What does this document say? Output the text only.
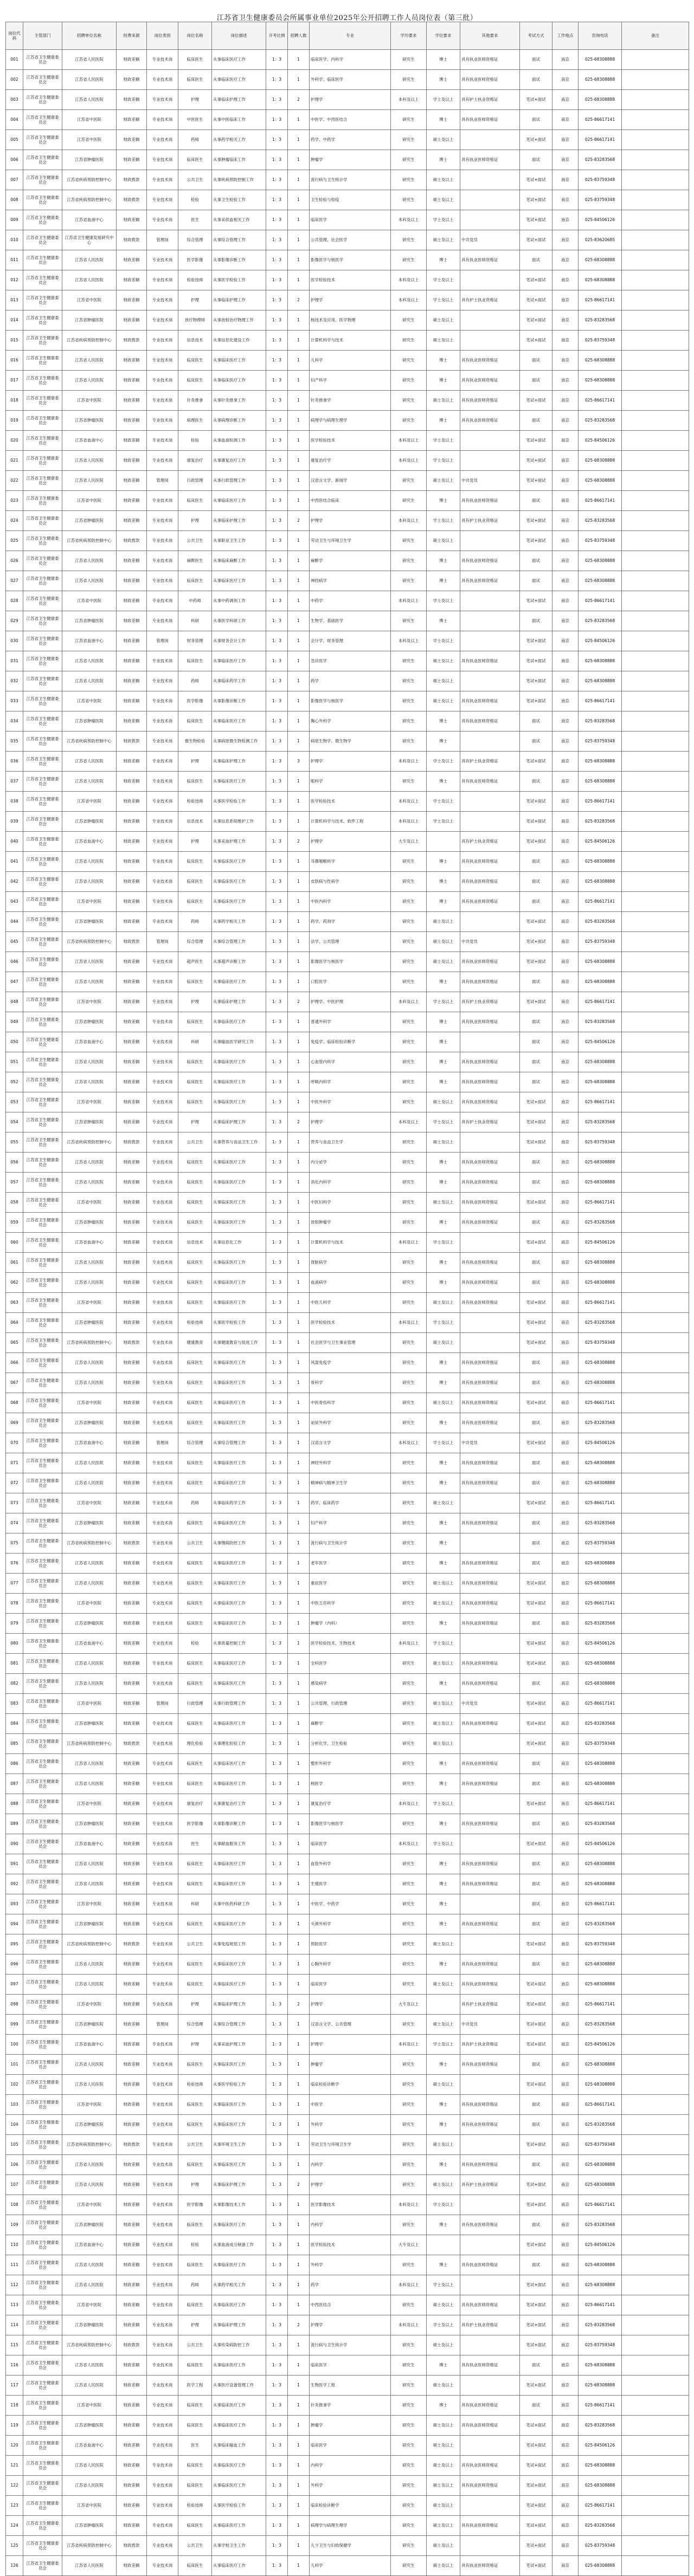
江苏省卫生健康委员会所属事业单位2025年公开招聘工作人员岗位表（第三批）
岗位代码	主管部门	招聘单位名称	经费来源	岗位类别	岗位名称	岗位描述	开考比例	招聘人数	专业	学历要求	学位要求	其他要求	考试方式	工作地点	咨询电话	备注
001	江苏省卫生健康委员会	江苏省人民医院	财政差额	专业技术岗	临床医生	从事临床医疗工作	1：3	1	临床医学、内科学	研究生	博士	具有执业医师资格证	面试	南京	025-68308888	
002	江苏省卫生健康委员会	江苏省人民医院	财政差额	专业技术岗	临床医生	从事临床医疗工作	1：3	1	外科学、临床医学	研究生	博士	具有执业医师资格证	面试	南京	025-68308888	
003	江苏省卫生健康委员会	江苏省人民医院	财政差额	专业技术岗	护理	从事临床护理工作	1：3	2	护理学	本科及以上	学士及以上	具有护士执业资格证	笔试+面试	南京	025-68308888	
004	江苏省卫生健康委员会	江苏省中医院	财政差额	专业技术岗	中医医生	从事中医临床工作	1：3	1	中医学、中西医结合	研究生	博士	具有执业医师资格证	面试	南京	025-86617141	
005	江苏省卫生健康委员会	江苏省中医院	财政差额	专业技术岗	药师	从事药学相关工作	1：3	1	药学、中药学	研究生	硕士及以上		笔试+面试	南京	025-86617141	
006	江苏省卫生健康委员会	江苏省肿瘤医院	财政差额	专业技术岗	临床医生	从事肿瘤临床工作	1：3	1	肿瘤学	研究生	博士	具有执业医师资格证	面试	南京	025-83283568	
007	江苏省卫生健康委员会	江苏省疾病预防控制中心	财政拨款	专业技术岗	公共卫生	从事疾病预防控制工作	1：3	1	流行病与卫生统计学	研究生	硕士及以上		笔试+面试	南京	025-83759348	
008	江苏省卫生健康委员会	江苏省疾病预防控制中心	财政拨款	专业技术岗	检验	从事卫生检验工作	1：3	1	卫生检验与检疫	研究生	硕士及以上		笔试+面试	南京	025-83759348	
009	江苏省卫生健康委员会	江苏省血液中心	财政差额	专业技术岗	医生	从事采供血相关工作	1：3	1	临床医学	本科及以上	学士及以上		笔试+面试	南京	025-84506126	
010	江苏省卫生健康委员会	江苏省卫生健康发展研究中心	财政拨款	管理岗	综合管理	从事综合管理工作	1：3	1	公共管理、社会医学	研究生	硕士及以上	中共党员	笔试+面试	南京	025-83620685	
011	江苏省卫生健康委员会	江苏省人民医院	财政差额	专业技术岗	医学影像	从事影像诊断工作	1：3	1	影像医学与核医学	研究生	博士	具有执业医师资格证	面试	南京	025-68308888	
012	江苏省卫生健康委员会	江苏省人民医院	财政差额	专业技术岗	检验技师	从事医学检验工作	1：3	1	医学检验技术	本科及以上	学士及以上		笔试+面试	南京	025-68308888	
013	江苏省卫生健康委员会	江苏省中医院	财政差额	专业技术岗	护理	从事临床护理工作	1：3	2	护理学	本科及以上	学士及以上	具有护士执业资格证	笔试+面试	南京	025-86617141	
014	江苏省卫生健康委员会	江苏省肿瘤医院	财政差额	专业技术岗	放疗物理师	从事放射治疗物理工作	1：3	1	核技术及应用、医学物理	研究生	硕士及以上		笔试+面试	南京	025-83283568	
015	江苏省卫生健康委员会	江苏省疾病预防控制中心	财政拨款	专业技术岗	信息技术	从事信息化建设工作	1：3	1	计算机科学与技术	研究生	硕士及以上		笔试+面试	南京	025-83759348	
016	江苏省卫生健康委员会	江苏省人民医院	财政差额	专业技术岗	临床医生	从事临床医疗工作	1：3	1	儿科学	研究生	博士	具有执业医师资格证	面试	南京	025-68308888	
017	江苏省卫生健康委员会	江苏省人民医院	财政差额	专业技术岗	临床医生	从事临床医疗工作	1：3	1	妇产科学	研究生	博士	具有执业医师资格证	面试	南京	025-68308888	
018	江苏省卫生健康委员会	江苏省中医院	财政差额	专业技术岗	针灸推拿	从事针灸推拿工作	1：3	1	针灸推拿学	研究生	硕士及以上	具有执业医师资格证	笔试+面试	南京	025-86617141	
019	江苏省卫生健康委员会	江苏省肿瘤医院	财政差额	专业技术岗	病理医生	从事病理诊断工作	1：3	1	病理学与病理生理学	研究生	博士	具有执业医师资格证	面试	南京	025-83283568	
020	江苏省卫生健康委员会	江苏省血液中心	财政差额	专业技术岗	检验	从事血液检测工作	1：3	1	医学检验技术	本科及以上	学士及以上		笔试+面试	南京	025-84506126	
021	江苏省卫生健康委员会	江苏省人民医院	财政差额	专业技术岗	康复治疗	从事康复治疗工作	1：3	1	康复治疗学	本科及以上	学士及以上		笔试+面试	南京	025-68308888	
022	江苏省卫生健康委员会	江苏省人民医院	财政差额	管理岗	行政管理	从事行政管理工作	1：3	1	汉语言文学、新闻学	研究生	硕士及以上	中共党员	笔试+面试	南京	025-68308888	
023	江苏省卫生健康委员会	江苏省中医院	财政差额	专业技术岗	临床医生	从事临床医疗工作	1：3	1	中西医结合临床	研究生	博士	具有执业医师资格证	面试	南京	025-86617141	
024	江苏省卫生健康委员会	江苏省肿瘤医院	财政差额	专业技术岗	护理	从事临床护理工作	1：3	2	护理学	本科及以上	学士及以上	具有护士执业资格证	笔试+面试	南京	025-83283568	
025	江苏省卫生健康委员会	江苏省疾病预防控制中心	财政拨款	专业技术岗	公共卫生	从事职业卫生工作	1：3	1	劳动卫生与环境卫生学	研究生	硕士及以上		笔试+面试	南京	025-83759348	
026	江苏省卫生健康委员会	江苏省人民医院	财政差额	专业技术岗	麻醉医生	从事临床麻醉工作	1：3	1	麻醉学	研究生	博士	具有执业医师资格证	面试	南京	025-68308888	
027	江苏省卫生健康委员会	江苏省人民医院	财政差额	专业技术岗	临床医生	从事临床医疗工作	1：3	1	神经病学	研究生	博士	具有执业医师资格证	面试	南京	025-68308888	
028	江苏省卫生健康委员会	江苏省中医院	财政差额	专业技术岗	中药师	从事中药调剂工作	1：3	1	中药学	本科及以上	学士及以上		笔试+面试	南京	025-86617141	
029	江苏省卫生健康委员会	江苏省肿瘤医院	财政差额	专业技术岗	科研	从事医学科研工作	1：3	1	生物学、基础医学	研究生	博士		面试	南京	025-83283568	
030	江苏省卫生健康委员会	江苏省血液中心	财政差额	管理岗	财务管理	从事财务会计工作	1：3	1	会计学、财务管理	本科及以上	学士及以上		笔试+面试	南京	025-84506126	
031	江苏省卫生健康委员会	江苏省人民医院	财政差额	专业技术岗	临床医生	从事临床医疗工作	1：3	1	急诊医学	研究生	硕士及以上	具有执业医师资格证	笔试+面试	南京	025-68308888	
032	江苏省卫生健康委员会	江苏省人民医院	财政差额	专业技术岗	药师	从事临床药学工作	1：3	1	药学	研究生	硕士及以上		笔试+面试	南京	025-68308888	
033	江苏省卫生健康委员会	江苏省中医院	财政差额	专业技术岗	医学影像	从事影像诊断工作	1：3	1	影像医学与核医学	研究生	硕士及以上	具有执业医师资格证	笔试+面试	南京	025-86617141	
034	江苏省卫生健康委员会	江苏省肿瘤医院	财政差额	专业技术岗	临床医生	从事临床医疗工作	1：3	1	胸心外科学	研究生	博士	具有执业医师资格证	面试	南京	025-83283568	
035	江苏省卫生健康委员会	江苏省疾病预防控制中心	财政拨款	专业技术岗	微生物检验	从事病原微生物检测工作	1：3	1	病原生物学、微生物学	研究生	博士		面试	南京	025-83759348	
036	江苏省卫生健康委员会	江苏省人民医院	财政差额	专业技术岗	护理	从事临床护理工作	1：3	3	护理学	本科及以上	学士及以上	具有护士执业资格证	笔试+面试	南京	025-68308888	
037	江苏省卫生健康委员会	江苏省人民医院	财政差额	专业技术岗	临床医生	从事临床医疗工作	1：3	1	眼科学	研究生	博士	具有执业医师资格证	面试	南京	025-68308888	
038	江苏省卫生健康委员会	江苏省中医院	财政差额	专业技术岗	检验技师	从事医学检验工作	1：3	1	医学检验技术	本科及以上	学士及以上		笔试+面试	南京	025-86617141	
039	江苏省卫生健康委员会	江苏省肿瘤医院	财政差额	专业技术岗	信息技术	从事信息系统维护工作	1：3	1	计算机科学与技术、软件工程	本科及以上	学士及以上		笔试+面试	南京	025-83283568	
040	江苏省卫生健康委员会	江苏省血液中心	财政差额	专业技术岗	护理	从事采血护理工作	1：3	2	护理学	大专及以上		具有护士执业资格证	笔试+面试	南京	025-84506126	
041	江苏省卫生健康委员会	江苏省人民医院	财政差额	专业技术岗	临床医生	从事临床医疗工作	1：3	1	耳鼻咽喉科学	研究生	博士	具有执业医师资格证	面试	南京	025-68308888	
042	江苏省卫生健康委员会	江苏省人民医院	财政差额	专业技术岗	临床医生	从事临床医疗工作	1：3	1	皮肤病与性病学	研究生	博士	具有执业医师资格证	面试	南京	025-68308888	
043	江苏省卫生健康委员会	江苏省中医院	财政差额	专业技术岗	临床医生	从事临床医疗工作	1：3	1	中医内科学	研究生	博士	具有执业医师资格证	面试	南京	025-86617141	
044	江苏省卫生健康委员会	江苏省肿瘤医院	财政差额	专业技术岗	药师	从事药学相关工作	1：3	1	药学、药剂学	研究生	硕士及以上		笔试+面试	南京	025-83283568	
045	江苏省卫生健康委员会	江苏省疾病预防控制中心	财政拨款	管理岗	综合管理	从事综合管理工作	1：3	1	法学、公共管理	研究生	硕士及以上	中共党员	笔试+面试	南京	025-83759348	
046	江苏省卫生健康委员会	江苏省人民医院	财政差额	专业技术岗	超声医生	从事超声诊断工作	1：3	1	影像医学与核医学	研究生	硕士及以上	具有执业医师资格证	笔试+面试	南京	025-68308888	
047	江苏省卫生健康委员会	江苏省人民医院	财政差额	专业技术岗	临床医生	从事临床医疗工作	1：3	1	口腔医学	研究生	博士	具有执业医师资格证	面试	南京	025-68308888	
048	江苏省卫生健康委员会	江苏省中医院	财政差额	专业技术岗	护理	从事临床护理工作	1：3	2	护理学、中医护理	本科及以上	学士及以上	具有护士执业资格证	笔试+面试	南京	025-86617141	
049	江苏省卫生健康委员会	江苏省肿瘤医院	财政差额	专业技术岗	临床医生	从事临床医疗工作	1：3	1	普通外科学	研究生	博士	具有执业医师资格证	面试	南京	025-83283568	
050	江苏省卫生健康委员会	江苏省血液中心	财政差额	专业技术岗	科研	从事输血医学研究工作	1：3	1	免疫学、临床检验诊断学	研究生	博士		面试	南京	025-84506126	
051	江苏省卫生健康委员会	江苏省人民医院	财政差额	专业技术岗	临床医生	从事临床医疗工作	1：3	1	心血管内科学	研究生	博士	具有执业医师资格证	面试	南京	025-68308888	
052	江苏省卫生健康委员会	江苏省人民医院	财政差额	专业技术岗	临床医生	从事临床医疗工作	1：3	1	呼吸内科学	研究生	博士	具有执业医师资格证	面试	南京	025-68308888	
053	江苏省卫生健康委员会	江苏省中医院	财政差额	专业技术岗	临床医生	从事临床医疗工作	1：3	1	中医外科学	研究生	硕士及以上	具有执业医师资格证	笔试+面试	南京	025-86617141	
054	江苏省卫生健康委员会	江苏省肿瘤医院	财政差额	专业技术岗	护理	从事临床护理工作	1：3	2	护理学	本科及以上	学士及以上	具有护士执业资格证	笔试+面试	南京	025-83283568	
055	江苏省卫生健康委员会	江苏省疾病预防控制中心	财政拨款	专业技术岗	公共卫生	从事营养与食品卫生工作	1：3	1	营养与食品卫生学	研究生	硕士及以上		笔试+面试	南京	025-83759348	
056	江苏省卫生健康委员会	江苏省人民医院	财政差额	专业技术岗	临床医生	从事临床医疗工作	1：3	1	内分泌学	研究生	博士	具有执业医师资格证	面试	南京	025-68308888	
057	江苏省卫生健康委员会	江苏省人民医院	财政差额	专业技术岗	临床医生	从事临床医疗工作	1：3	1	消化内科学	研究生	博士	具有执业医师资格证	面试	南京	025-68308888	
058	江苏省卫生健康委员会	江苏省中医院	财政差额	专业技术岗	临床医生	从事临床医疗工作	1：3	1	中医妇科学	研究生	硕士及以上	具有执业医师资格证	笔试+面试	南京	025-86617141	
059	江苏省卫生健康委员会	江苏省肿瘤医院	财政差额	专业技术岗	临床医生	从事临床医疗工作	1：3	1	放射肿瘤学	研究生	博士	具有执业医师资格证	面试	南京	025-83283568	
060	江苏省卫生健康委员会	江苏省血液中心	财政差额	专业技术岗	信息技术	从事信息化工作	1：3	1	计算机科学与技术	本科及以上	学士及以上		笔试+面试	南京	025-84506126	
061	江苏省卫生健康委员会	江苏省人民医院	财政差额	专业技术岗	临床医生	从事临床医疗工作	1：3	1	肾脏病学	研究生	博士	具有执业医师资格证	面试	南京	025-68308888	
062	江苏省卫生健康委员会	江苏省人民医院	财政差额	专业技术岗	临床医生	从事临床医疗工作	1：3	1	血液病学	研究生	博士	具有执业医师资格证	面试	南京	025-68308888	
063	江苏省卫生健康委员会	江苏省中医院	财政差额	专业技术岗	临床医生	从事临床医疗工作	1：3	1	中医儿科学	研究生	硕士及以上	具有执业医师资格证	笔试+面试	南京	025-86617141	
064	江苏省卫生健康委员会	江苏省肿瘤医院	财政差额	专业技术岗	检验技师	从事医学检验工作	1：3	1	医学检验技术	本科及以上	学士及以上		笔试+面试	南京	025-83283568	
065	江苏省卫生健康委员会	江苏省疾病预防控制中心	财政拨款	专业技术岗	健康教育	从事健康教育与促进工作	1：3	1	社会医学与卫生事业管理	研究生	硕士及以上		笔试+面试	南京	025-83759348	
066	江苏省卫生健康委员会	江苏省人民医院	财政差额	专业技术岗	临床医生	从事临床医疗工作	1：3	1	风湿免疫学	研究生	博士	具有执业医师资格证	面试	南京	025-68308888	
067	江苏省卫生健康委员会	江苏省人民医院	财政差额	专业技术岗	临床医生	从事临床医疗工作	1：3	1	骨科学	研究生	博士	具有执业医师资格证	面试	南京	025-68308888	
068	江苏省卫生健康委员会	江苏省中医院	财政差额	专业技术岗	临床医生	从事临床医疗工作	1：3	1	中医骨伤科学	研究生	硕士及以上	具有执业医师资格证	笔试+面试	南京	025-86617141	
069	江苏省卫生健康委员会	江苏省肿瘤医院	财政差额	专业技术岗	临床医生	从事临床医疗工作	1：3	1	泌尿外科学	研究生	博士	具有执业医师资格证	面试	南京	025-83283568	
070	江苏省卫生健康委员会	江苏省血液中心	财政差额	管理岗	综合管理	从事综合管理工作	1：3	1	汉语言文学	本科及以上	学士及以上	中共党员	笔试+面试	南京	025-84506126	
071	江苏省卫生健康委员会	江苏省人民医院	财政差额	专业技术岗	临床医生	从事临床医疗工作	1：3	1	神经外科学	研究生	博士	具有执业医师资格证	面试	南京	025-68308888	
072	江苏省卫生健康委员会	江苏省人民医院	财政差额	专业技术岗	临床医生	从事临床医疗工作	1：3	1	精神病与精神卫生学	研究生	博士	具有执业医师资格证	面试	南京	025-68308888	
073	江苏省卫生健康委员会	江苏省中医院	财政差额	专业技术岗	药师	从事临床药学工作	1：3	1	药学、临床药学	研究生	硕士及以上		笔试+面试	南京	025-86617141	
074	江苏省卫生健康委员会	江苏省肿瘤医院	财政差额	专业技术岗	临床医生	从事临床医疗工作	1：3	1	妇产科学	研究生	博士	具有执业医师资格证	面试	南京	025-83283568	
075	江苏省卫生健康委员会	江苏省疾病预防控制中心	财政拨款	专业技术岗	公共卫生	从事慢病防控工作	1：3	1	流行病与卫生统计学	研究生	博士		面试	南京	025-83759348	
076	江苏省卫生健康委员会	江苏省人民医院	财政差额	专业技术岗	临床医生	从事临床医疗工作	1：3	1	老年医学	研究生	博士	具有执业医师资格证	面试	南京	025-68308888	
077	江苏省卫生健康委员会	江苏省人民医院	财政差额	专业技术岗	临床医生	从事临床医疗工作	1：3	1	重症医学	研究生	硕士及以上	具有执业医师资格证	笔试+面试	南京	025-68308888	
078	江苏省卫生健康委员会	江苏省中医院	财政差额	专业技术岗	临床医生	从事临床医疗工作	1：3	1	中医五官科学	研究生	硕士及以上	具有执业医师资格证	笔试+面试	南京	025-86617141	
079	江苏省卫生健康委员会	江苏省肿瘤医院	财政差额	专业技术岗	临床医生	从事临床医疗工作	1：3	1	肿瘤学（内科）	研究生	博士	具有执业医师资格证	面试	南京	025-83283568	
080	江苏省卫生健康委员会	江苏省血液中心	财政差额	专业技术岗	检验	从事质量控制工作	1：3	1	医学检验技术、生物技术	本科及以上	学士及以上		笔试+面试	南京	025-84506126	
081	江苏省卫生健康委员会	江苏省人民医院	财政差额	专业技术岗	临床医生	从事临床医疗工作	1：3	1	全科医学	研究生	硕士及以上	具有执业医师资格证	笔试+面试	南京	025-68308888	
082	江苏省卫生健康委员会	江苏省人民医院	财政差额	专业技术岗	临床医生	从事临床医疗工作	1：3	1	感染病学	研究生	博士	具有执业医师资格证	面试	南京	025-68308888	
083	江苏省卫生健康委员会	江苏省中医院	财政差额	管理岗	行政管理	从事行政管理工作	1：3	1	公共管理、行政管理	研究生	硕士及以上	中共党员	笔试+面试	南京	025-86617141	
084	江苏省卫生健康委员会	江苏省肿瘤医院	财政差额	专业技术岗	临床医生	从事临床医疗工作	1：3	1	麻醉学	研究生	硕士及以上	具有执业医师资格证	笔试+面试	南京	025-83283568	
085	江苏省卫生健康委员会	江苏省疾病预防控制中心	财政拨款	专业技术岗	理化检验	从事理化检验工作	1：3	1	分析化学、卫生检验	研究生	硕士及以上		笔试+面试	南京	025-83759348	
086	江苏省卫生健康委员会	江苏省人民医院	财政差额	专业技术岗	临床医生	从事临床医疗工作	1：3	1	整形外科学	研究生	博士	具有执业医师资格证	面试	南京	025-68308888	
087	江苏省卫生健康委员会	江苏省人民医院	财政差额	专业技术岗	临床医生	从事临床医疗工作	1：3	1	核医学	研究生	博士	具有执业医师资格证	面试	南京	025-68308888	
088	江苏省卫生健康委员会	江苏省中医院	财政差额	专业技术岗	康复治疗	从事康复治疗工作	1：3	1	康复治疗学	本科及以上	学士及以上		笔试+面试	南京	025-86617141	
089	江苏省卫生健康委员会	江苏省肿瘤医院	财政差额	专业技术岗	医学影像	从事影像诊断工作	1：3	1	影像医学与核医学	研究生	博士	具有执业医师资格证	面试	南京	025-83283568	
090	江苏省卫生健康委员会	江苏省血液中心	财政差额	专业技术岗	医生	从事献血服务工作	1：3	1	临床医学	本科及以上	学士及以上		笔试+面试	南京	025-84506126	
091	江苏省卫生健康委员会	江苏省人民医院	财政差额	专业技术岗	临床医生	从事临床医疗工作	1：3	1	血管外科学	研究生	博士	具有执业医师资格证	面试	南京	025-68308888	
092	江苏省卫生健康委员会	江苏省人民医院	财政差额	专业技术岗	临床医生	从事临床医疗工作	1：3	1	生殖医学	研究生	博士	具有执业医师资格证	面试	南京	025-68308888	
093	江苏省卫生健康委员会	江苏省中医院	财政差额	专业技术岗	科研	从事中医药科研工作	1：3	1	中医学、中药学	研究生	博士		面试	南京	025-86617141	
094	江苏省卫生健康委员会	江苏省肿瘤医院	财政差额	专业技术岗	临床医生	从事临床医疗工作	1：3	1	头颈外科学	研究生	博士	具有执业医师资格证	面试	南京	025-83283568	
095	江苏省卫生健康委员会	江苏省疾病预防控制中心	财政拨款	专业技术岗	公共卫生	从事免疫规划工作	1：3	1	预防医学	研究生	硕士及以上		笔试+面试	南京	025-83759348	
096	江苏省卫生健康委员会	江苏省人民医院	财政差额	专业技术岗	临床医生	从事临床医疗工作	1：3	1	心胸外科学	研究生	博士	具有执业医师资格证	面试	南京	025-68308888	
097	江苏省卫生健康委员会	江苏省人民医院	财政差额	专业技术岗	临床医生	从事临床医疗工作	1：3	1	临床医学	研究生	硕士及以上	具有执业医师资格证	笔试+面试	南京	025-68308888	
098	江苏省卫生健康委员会	江苏省中医院	财政差额	专业技术岗	护理	从事临床护理工作	1：3	2	护理学	大专及以上		具有护士执业资格证	笔试+面试	南京	025-86617141	
099	江苏省卫生健康委员会	江苏省肿瘤医院	财政差额	管理岗	综合管理	从事综合管理工作	1：3	1	汉语言文学、公共管理	研究生	硕士及以上	中共党员	笔试+面试	南京	025-83283568	
100	江苏省卫生健康委员会	江苏省血液中心	财政差额	专业技术岗	护理	从事采血护理工作	1：3	1	护理学	本科及以上	学士及以上	具有护士执业资格证	笔试+面试	南京	025-84506126	
101	江苏省卫生健康委员会	江苏省人民医院	财政差额	专业技术岗	临床医生	从事临床医疗工作	1：3	1	肿瘤学	研究生	博士	具有执业医师资格证	面试	南京	025-68308888	
102	江苏省卫生健康委员会	江苏省人民医院	财政差额	专业技术岗	检验技师	从事医学检验工作	1：3	1	临床检验诊断学	研究生	硕士及以上		笔试+面试	南京	025-68308888	
103	江苏省卫生健康委员会	江苏省中医院	财政差额	专业技术岗	临床医生	从事临床医疗工作	1：3	1	中医学	研究生	博士	具有执业医师资格证	面试	南京	025-86617141	
104	江苏省卫生健康委员会	江苏省肿瘤医院	财政差额	专业技术岗	临床医生	从事临床医疗工作	1：3	1	外科学	研究生	博士	具有执业医师资格证	面试	南京	025-83283568	
105	江苏省卫生健康委员会	江苏省疾病预防控制中心	财政拨款	专业技术岗	公共卫生	从事环境卫生工作	1：3	1	劳动卫生与环境卫生学	研究生	硕士及以上		笔试+面试	南京	025-83759348	
106	江苏省卫生健康委员会	江苏省人民医院	财政差额	专业技术岗	临床医生	从事临床医疗工作	1：3	1	内科学	研究生	博士	具有执业医师资格证	面试	南京	025-68308888	
107	江苏省卫生健康委员会	江苏省人民医院	财政差额	专业技术岗	护理	从事临床护理工作	1：3	2	护理学	研究生	硕士及以上	具有护士执业资格证	笔试+面试	南京	025-68308888	
108	江苏省卫生健康委员会	江苏省中医院	财政差额	专业技术岗	医学影像	从事影像技术工作	1：3	1	医学影像技术	本科及以上	学士及以上		笔试+面试	南京	025-86617141	
109	江苏省卫生健康委员会	江苏省肿瘤医院	财政差额	专业技术岗	临床医生	从事临床医疗工作	1：3	1	内科学	研究生	博士	具有执业医师资格证	面试	南京	025-83283568	
110	江苏省卫生健康委员会	江苏省血液中心	财政差额	专业技术岗	检验	从事血液成分制备工作	1：3	1	医学检验技术	大专及以上			笔试+面试	南京	025-84506126	
111	江苏省卫生健康委员会	江苏省人民医院	财政差额	专业技术岗	临床医生	从事临床医疗工作	1：3	1	外科学	研究生	博士	具有执业医师资格证	面试	南京	025-68308888	
112	江苏省卫生健康委员会	江苏省人民医院	财政差额	专业技术岗	药师	从事药学相关工作	1：3	1	药学	本科及以上	学士及以上		笔试+面试	南京	025-68308888	
113	江苏省卫生健康委员会	江苏省中医院	财政差额	专业技术岗	临床医生	从事临床医疗工作	1：3	1	中西医结合	研究生	硕士及以上	具有执业医师资格证	笔试+面试	南京	025-86617141	
114	江苏省卫生健康委员会	江苏省肿瘤医院	财政差额	专业技术岗	护理	从事临床护理工作	1：3	2	护理学	本科及以上	学士及以上	具有护士执业资格证	笔试+面试	南京	025-83283568	
115	江苏省卫生健康委员会	江苏省疾病预防控制中心	财政拨款	专业技术岗	公共卫生	从事传染病防控工作	1：3	1	流行病与卫生统计学	研究生	硕士及以上		笔试+面试	南京	025-83759348	
116	江苏省卫生健康委员会	江苏省人民医院	财政差额	专业技术岗	临床医生	从事临床医疗工作	1：3	1	临床医学	研究生	博士	具有执业医师资格证	面试	南京	025-68308888	
117	江苏省卫生健康委员会	江苏省人民医院	财政差额	专业技术岗	医学工程	从事医疗设备管理工作	1：3	1	生物医学工程	研究生	硕士及以上		笔试+面试	南京	025-68308888	
118	江苏省卫生健康委员会	江苏省中医院	财政差额	专业技术岗	临床医生	从事临床医疗工作	1：3	1	针灸推拿学	研究生	博士	具有执业医师资格证	面试	南京	025-86617141	
119	江苏省卫生健康委员会	江苏省肿瘤医院	财政差额	专业技术岗	临床医生	从事临床医疗工作	1：3	1	肿瘤学	研究生	硕士及以上	具有执业医师资格证	笔试+面试	南京	025-83283568	
120	江苏省卫生健康委员会	江苏省血液中心	财政差额	专业技术岗	医生	从事临床输血工作	1：3	1	临床医学	研究生	硕士及以上		笔试+面试	南京	025-84506126	
121	江苏省卫生健康委员会	江苏省人民医院	财政差额	专业技术岗	临床医生	从事临床医疗工作	1：3	1	内科学	研究生	硕士及以上	具有执业医师资格证	笔试+面试	南京	025-68308888	
122	江苏省卫生健康委员会	江苏省人民医院	财政差额	专业技术岗	临床医生	从事临床医疗工作	1：3	1	外科学	研究生	硕士及以上	具有执业医师资格证	笔试+面试	南京	025-68308888	
123	江苏省卫生健康委员会	江苏省中医院	财政差额	专业技术岗	检验技师	从事医学检验工作	1：3	1	临床检验诊断学	研究生	硕士及以上		笔试+面试	南京	025-86617141	
124	江苏省卫生健康委员会	江苏省肿瘤医院	财政差额	专业技术岗	临床医生	从事临床医疗工作	1：3	1	病理学与病理生理学	研究生	硕士及以上	具有执业医师资格证	笔试+面试	南京	025-83283568	
125	江苏省卫生健康委员会	江苏省疾病预防控制中心	财政拨款	专业技术岗	公共卫生	从事学校卫生工作	1：3	1	儿少卫生与妇幼保健学	研究生	硕士及以上		笔试+面试	南京	025-83759348	
126	江苏省卫生健康委员会	江苏省人民医院	财政差额	专业技术岗	临床医生	从事临床医疗工作	1：3	1	儿科学	研究生	硕士及以上	具有执业医师资格证	笔试+面试	南京	025-68308888	
